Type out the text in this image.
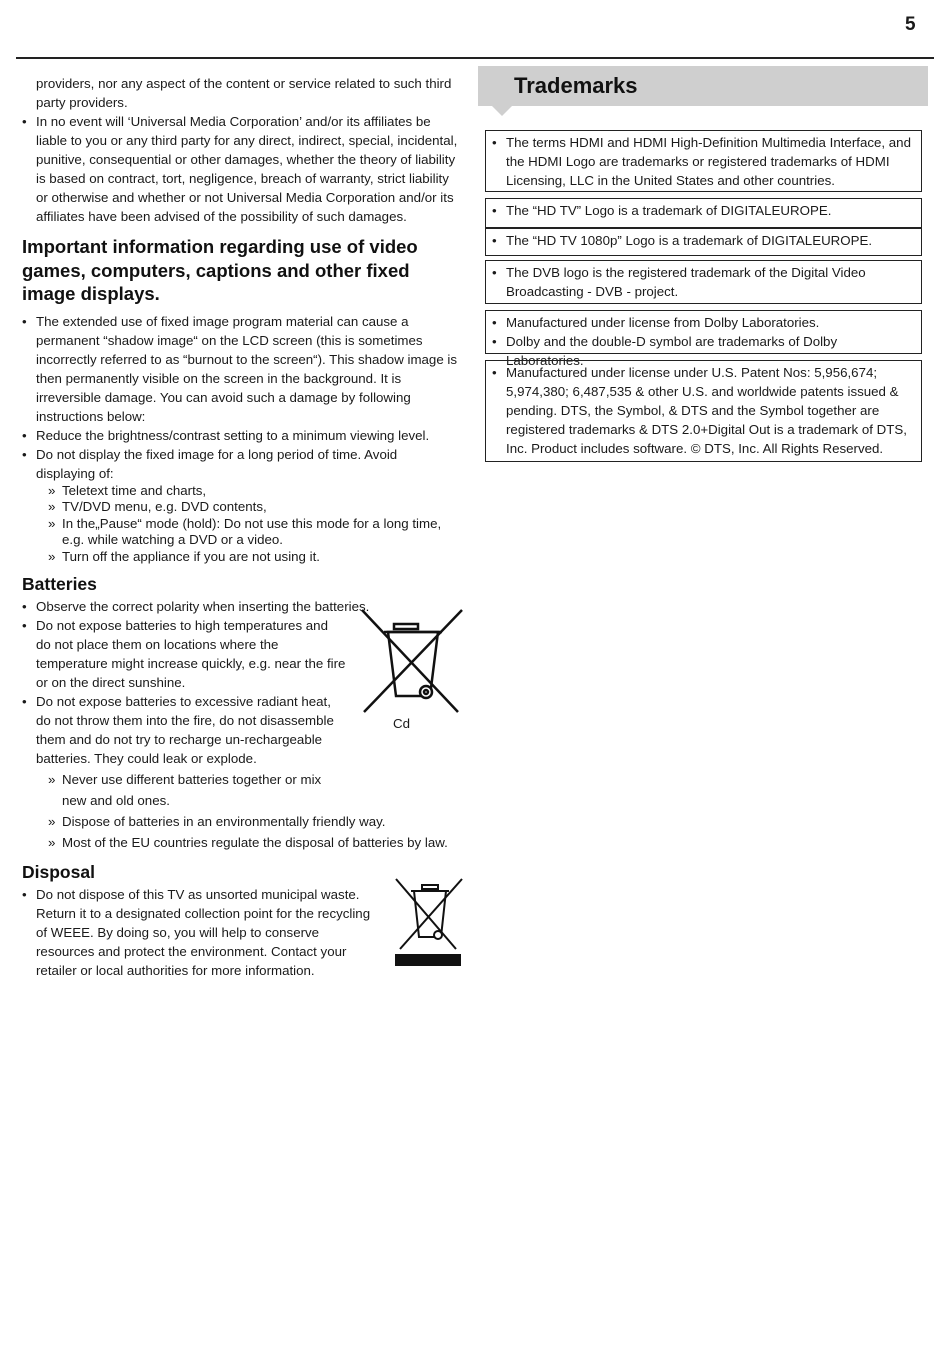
5
providers, nor any aspect of the content or service related to such third party providers.
• In no event will ‘Universal Media Corporation’ and/or its affiliates be liable to you or any third party for any direct, indirect, special, incidental, punitive, consequential or other damages, whether the theory of liability is based on contract, tort, negligence, breach of warranty, strict liability or otherwise and whether or not Universal Media Corporation and/or its affiliates have been advised of the possibility of such damages.
Important information regarding use of video games, computers, captions and other fixed image displays.
• The extended use of fixed image program material can cause a permanent “shadow image“ on the LCD screen (this is sometimes incorrectly referred to as “burnout to the screen“). This shadow image is then permanently visible on the screen in the background. It is irreversible damage. You can avoid such a damage by following instructions below:
• Reduce the brightness/contrast setting to a minimum viewing level.
• Do not display the fixed image for a long period of time. Avoid displaying of:
» Teletext time and charts,
» TV/DVD menu, e.g. DVD contents,
» In the„Pause“ mode (hold): Do not use this mode for a long time, e.g. while watching a DVD or a video.
» Turn off the appliance if you are not using it.
Batteries
• Observe the correct polarity when inserting the batteries.
• Do not expose batteries to high temperatures and do not place them on locations where the temperature might increase quickly, e.g. near the fire or on the direct sunshine.
• Do not expose batteries to excessive radiant heat, do not throw them into the fire, do not disassemble them and do not try to recharge un-rechargeable batteries. They could leak or explode.
» Never use different batteries together or mix new and old ones.
» Dispose of batteries in an environmentally friendly way.
» Most of the EU countries regulate the disposal of batteries by law.
Disposal
• Do not dispose of this TV as unsorted municipal waste. Return it to a designated collection point for the recycling of WEEE. By doing so, you will help to conserve resources and protect the environment. Contact your retailer or local authorities for more information.
Cd
Trademarks
• The terms HDMI and HDMI High-Definition Multimedia Interface, and the HDMI Logo are trademarks or registered trademarks of HDMI Licensing, LLC in the United States and other countries.
• The “HD TV” Logo is a trademark of DIGITALEUROPE.
• The “HD TV 1080p” Logo is a trademark of DIGITALEUROPE.
• The DVB logo is the registered trademark of the Digital Video Broadcasting - DVB - project.
• Manufactured under license from Dolby Laboratories.
• Dolby and the double-D symbol are trademarks of Dolby Laboratories.
• Manufactured under license under U.S. Patent Nos: 5,956,674; 5,974,380; 6,487,535 & other U.S. and worldwide patents issued & pending. DTS, the Symbol, & DTS and the Symbol together are registered trademarks & DTS 2.0+Digital Out is a trademark of DTS, Inc. Product includes software. © DTS, Inc. All Rights Reserved.
